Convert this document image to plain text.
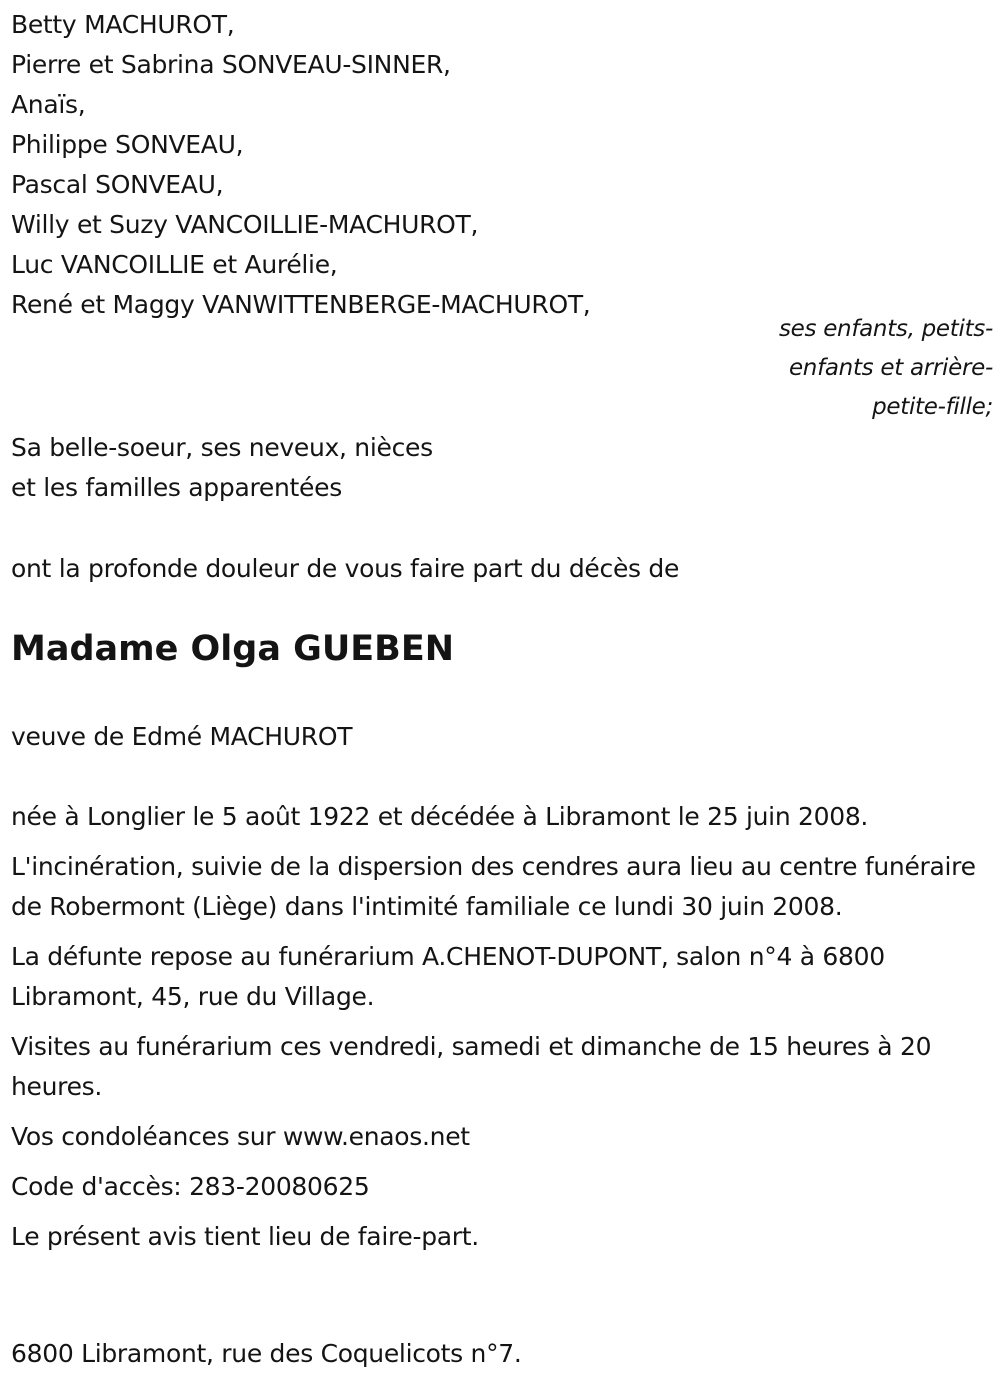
Betty MACHUROT,
Pierre et Sabrina SONVEAU-SINNER,
Anaïs,
Philippe SONVEAU,
Pascal SONVEAU,
Willy et Suzy VANCOILLIE-MACHUROT,
Luc VANCOILLIE et Aurélie,
René et Maggy VANWITTENBERGE-MACHUROT,
ses enfants, petits-
enfants et arrière-
petite-fille;
Sa belle-soeur, ses neveux, nièces
et les familles apparentées
ont la profonde douleur de vous faire part du décès de
Madame Olga GUEBEN
veuve de Edmé MACHUROT

née à Longlier le 5 août 1922 et décédée à Libramont le 25 juin 2008.

L'incinération, suivie de la dispersion des cendres aura lieu au centre funéraire de Robermont (Liège) dans l'intimité familiale ce lundi 30 juin 2008.

La défunte repose au funérarium A.CHENOT-DUPONT, salon n°4 à 6800 Libramont, 45, rue du Village.

Visites au funérarium ces vendredi, samedi et dimanche de 15 heures à 20 heures.

Vos condoléances sur www.enaos.net

Code d'accès: 283-20080625

Le présent avis tient lieu de faire-part.

6800 Libramont, rue des Coquelicots n°7.
